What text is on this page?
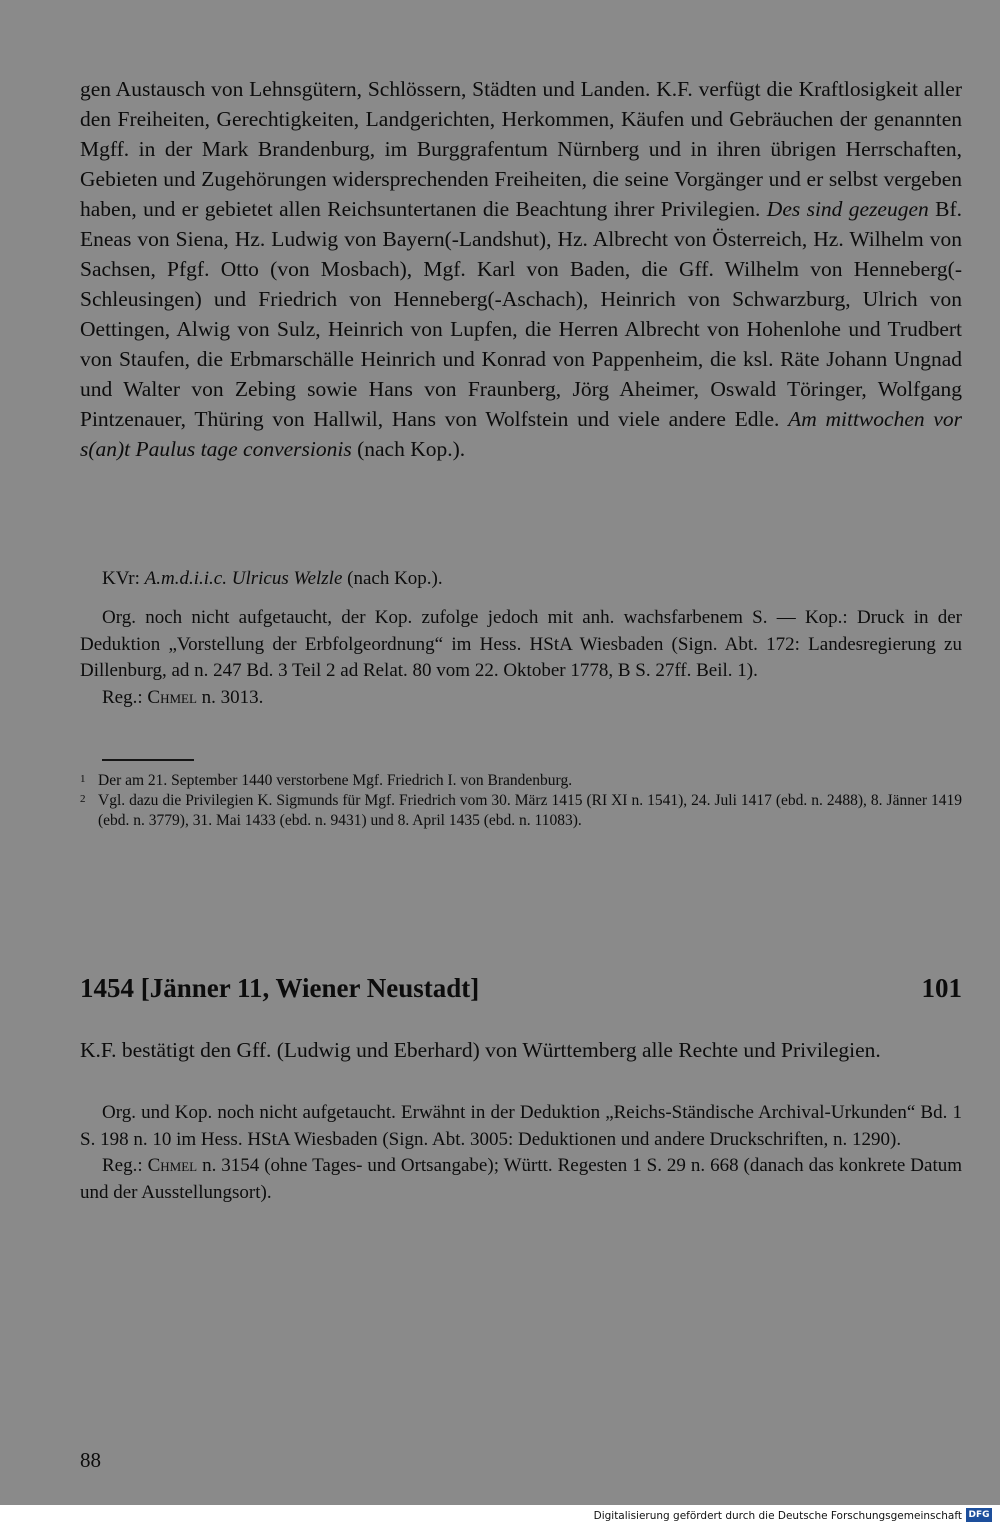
gen Austausch von Lehnsgütern, Schlössern, Städten und Landen. K.F. verfügt die Kraftlosigkeit aller den Freiheiten, Gerechtigkeiten, Landgerichten, Herkommen, Käufen und Gebräuchen der genannten Mgff. in der Mark Brandenburg, im Burggrafentum Nürnberg und in ihren übrigen Herrschaften, Gebieten und Zugehörungen widersprechenden Freiheiten, die seine Vorgänger und er selbst vergeben haben, und er gebietet allen Reichsuntertanen die Beachtung ihrer Privilegien. Des sind gezeugen Bf. Eneas von Siena, Hz. Ludwig von Bayern(-Landshut), Hz. Albrecht von Österreich, Hz. Wilhelm von Sachsen, Pfgf. Otto (von Mosbach), Mgf. Karl von Baden, die Gff. Wilhelm von Henneberg(-Schleusingen) und Friedrich von Henneberg(-Aschach), Heinrich von Schwarzburg, Ulrich von Oettingen, Alwig von Sulz, Heinrich von Lupfen, die Herren Albrecht von Hohenlohe und Trudbert von Staufen, die Erbmarschälle Heinrich und Konrad von Pappenheim, die ksl. Räte Johann Ungnad und Walter von Zebing sowie Hans von Fraunberg, Jörg Aheimer, Oswald Töringer, Wolfgang Pintzenauer, Thüring von Hallwil, Hans von Wolfstein und viele andere Edle. Am mittwochen vor s(an)t Paulus tage conversionis (nach Kop.).

KVr: A.m.d.i.i.c. Ulricus Welzle (nach Kop.).

Org. noch nicht aufgetaucht, der Kop. zufolge jedoch mit anh. wachsfarbenem S. — Kop.: Druck in der Deduktion „Vorstellung der Erbfolgeordnung“ im Hess. HStA Wiesbaden (Sign. Abt. 172: Landesregierung zu Dillenburg, ad n. 247 Bd. 3 Teil 2 ad Relat. 80 vom 22. Oktober 1778, B S. 27ff. Beil. 1).

Reg.: Chmel n. 3013.

1 Der am 21. September 1440 verstorbene Mgf. Friedrich I. von Brandenburg.
2 Vgl. dazu die Privilegien K. Sigmunds für Mgf. Friedrich vom 30. März 1415 (RI XI n. 1541), 24. Juli 1417 (ebd. n. 2488), 8. Jänner 1419 (ebd. n. 3779), 31. Mai 1433 (ebd. n. 9431) und 8. April 1435 (ebd. n. 11083).
1454 [Jänner 11, Wiener Neustadt]	101
K.F. bestätigt den Gff. (Ludwig und Eberhard) von Württemberg alle Rechte und Privilegien.

Org. und Kop. noch nicht aufgetaucht. Erwähnt in der Deduktion „Reichs-Ständische Archival-Urkunden“ Bd. 1 S. 198 n. 10 im Hess. HStA Wiesbaden (Sign. Abt. 3005: Deduktionen und andere Druckschriften, n. 1290).

Reg.: Chmel n. 3154 (ohne Tages- und Ortsangabe); Württ. Regesten 1 S. 29 n. 668 (danach das konkrete Datum und der Ausstellungsort).

88
Digitalisierung gefördert durch die Deutsche Forschungsgemeinschaft DFG
